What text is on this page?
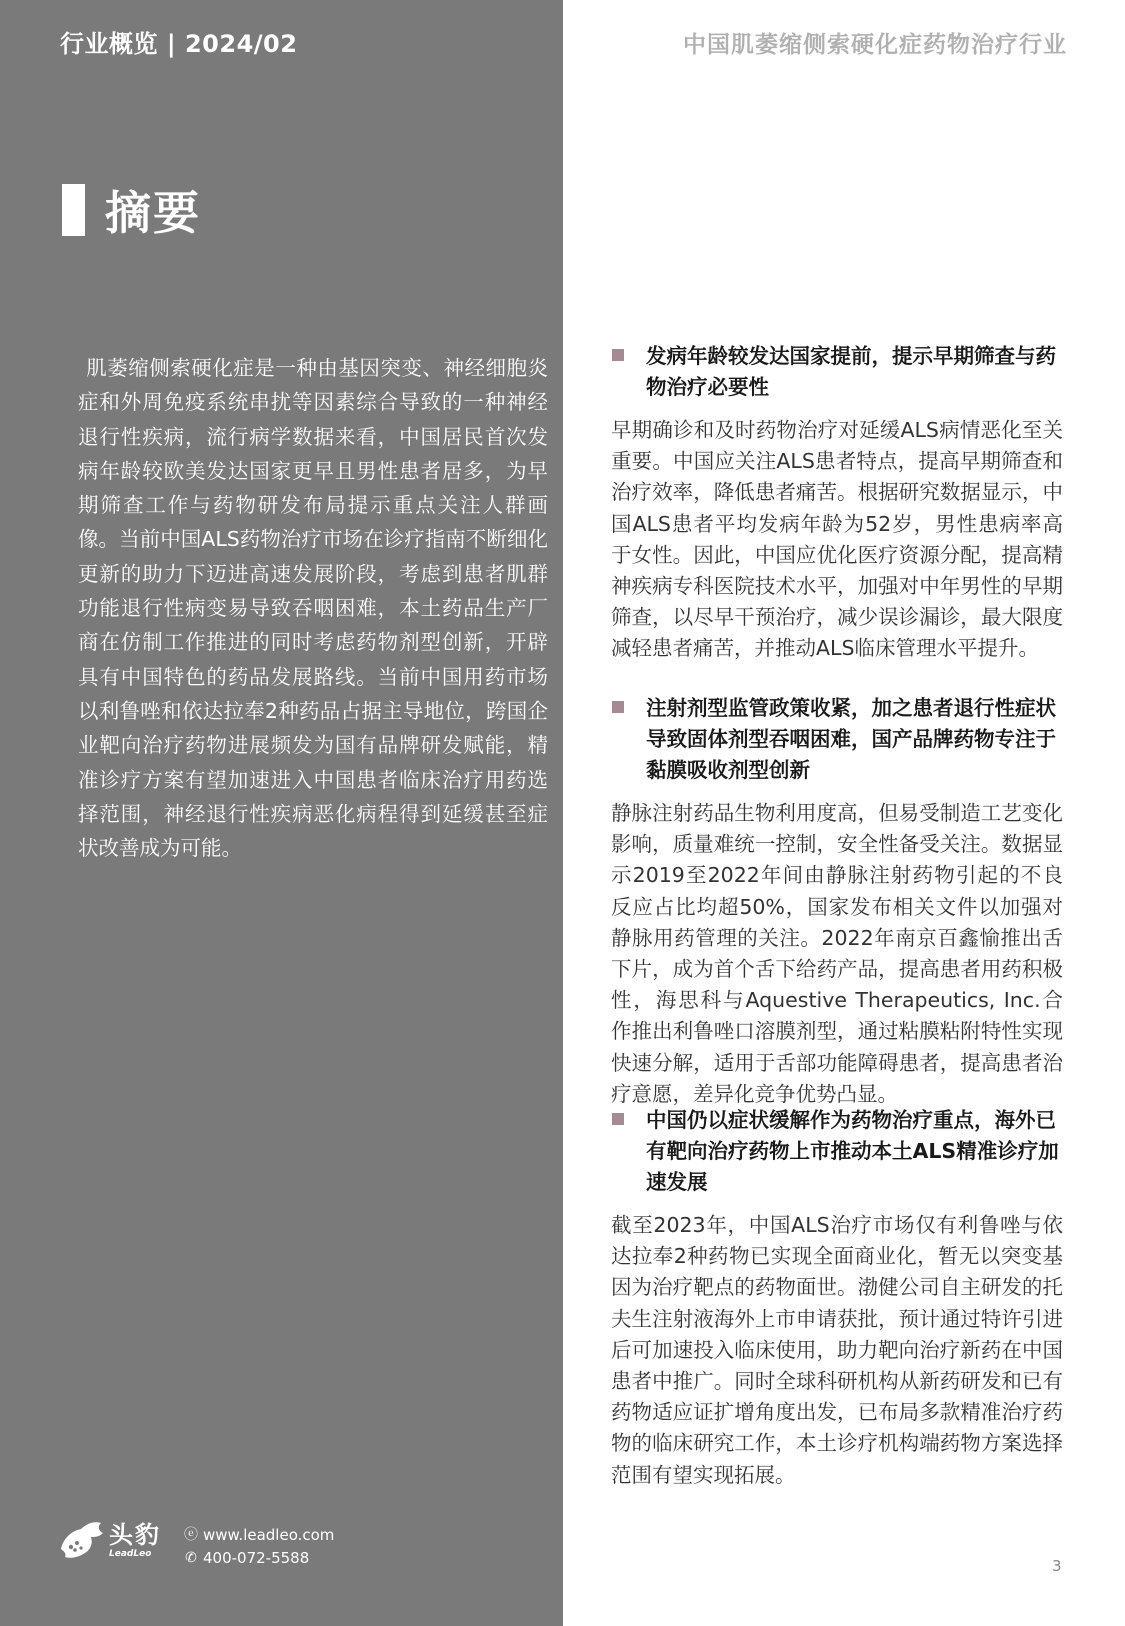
行业概览 | 2024/02	中国肌萎缩侧索硬化症药物治疗行业
摘要
肌萎缩侧索硬化症是一种由基因突变、神经细胞炎症和外周免疫系统串扰等因素综合导致的一种神经退行性疾病，流行病学数据来看，中国居民首次发病年龄较欧美发达国家更早且男性患者居多，为早期筛查工作与药物研发布局提示重点关注人群画像。当前中国ALS药物治疗市场在诊疗指南不断细化更新的助力下迈进高速发展阶段，考虑到患者肌群功能退行性病变易导致吞咽困难，本土药品生产厂商在仿制工作推进的同时考虑药物剂型创新，开辟具有中国特色的药品发展路线。当前中国用药市场以利鲁唑和依达拉奉2种药品占据主导地位，跨国企业靶向治疗药物进展频发为国有品牌研发赋能，精准诊疗方案有望加速进入中国患者临床治疗用药选择范围，神经退行性疾病恶化病程得到延缓甚至症状改善成为可能。
发病年龄较发达国家提前，提示早期筛查与药物治疗必要性
早期确诊和及时药物治疗对延缓ALS病情恶化至关重要。中国应关注ALS患者特点，提高早期筛查和治疗效率，降低患者痛苦。根据研究数据显示，中国ALS患者平均发病年龄为52岁，男性患病率高于女性。因此，中国应优化医疗资源分配，提高精神疾病专科医院技术水平，加强对中年男性的早期筛查，以尽早干预治疗，减少误诊漏诊，最大限度减轻患者痛苦，并推动ALS临床管理水平提升。
注射剂型监管政策收紧，加之患者退行性症状导致固体剂型吞咽困难，国产品牌药物专注于黏膜吸收剂型创新
静脉注射药品生物利用度高，但易受制造工艺变化影响，质量难统一控制，安全性备受关注。数据显示2019至2022年间由静脉注射药物引起的不良反应占比均超50%，国家发布相关文件以加强对静脉用药管理的关注。2022年南京百鑫愉推出舌下片，成为首个舌下给药产品，提高患者用药积极性，海思科与Aquestive Therapeutics, Inc.合作推出利鲁唑口溶膜剂型，通过粘膜粘附特性实现快速分解，适用于舌部功能障碍患者，提高患者治疗意愿，差异化竞争优势凸显。
中国仍以症状缓解作为药物治疗重点，海外已有靶向治疗药物上市推动本土ALS精准诊疗加速发展
截至2023年，中国ALS治疗市场仅有利鲁唑与依达拉奉2种药物已实现全面商业化，暂无以突变基因为治疗靶点的药物面世。渤健公司自主研发的托夫生注射液海外上市申请获批，预计通过特许引进后可加速投入临床使用，助力靶向治疗新药在中国患者中推广。同时全球科研机构从新药研发和已有药物适应证扩增角度出发，已布局多款精准治疗药物的临床研究工作，本土诊疗机构端药物方案选择范围有望实现拓展。
头豹
LeadLeo
ⓔ www.leadleo.com
✆ 400-072-5588	3
